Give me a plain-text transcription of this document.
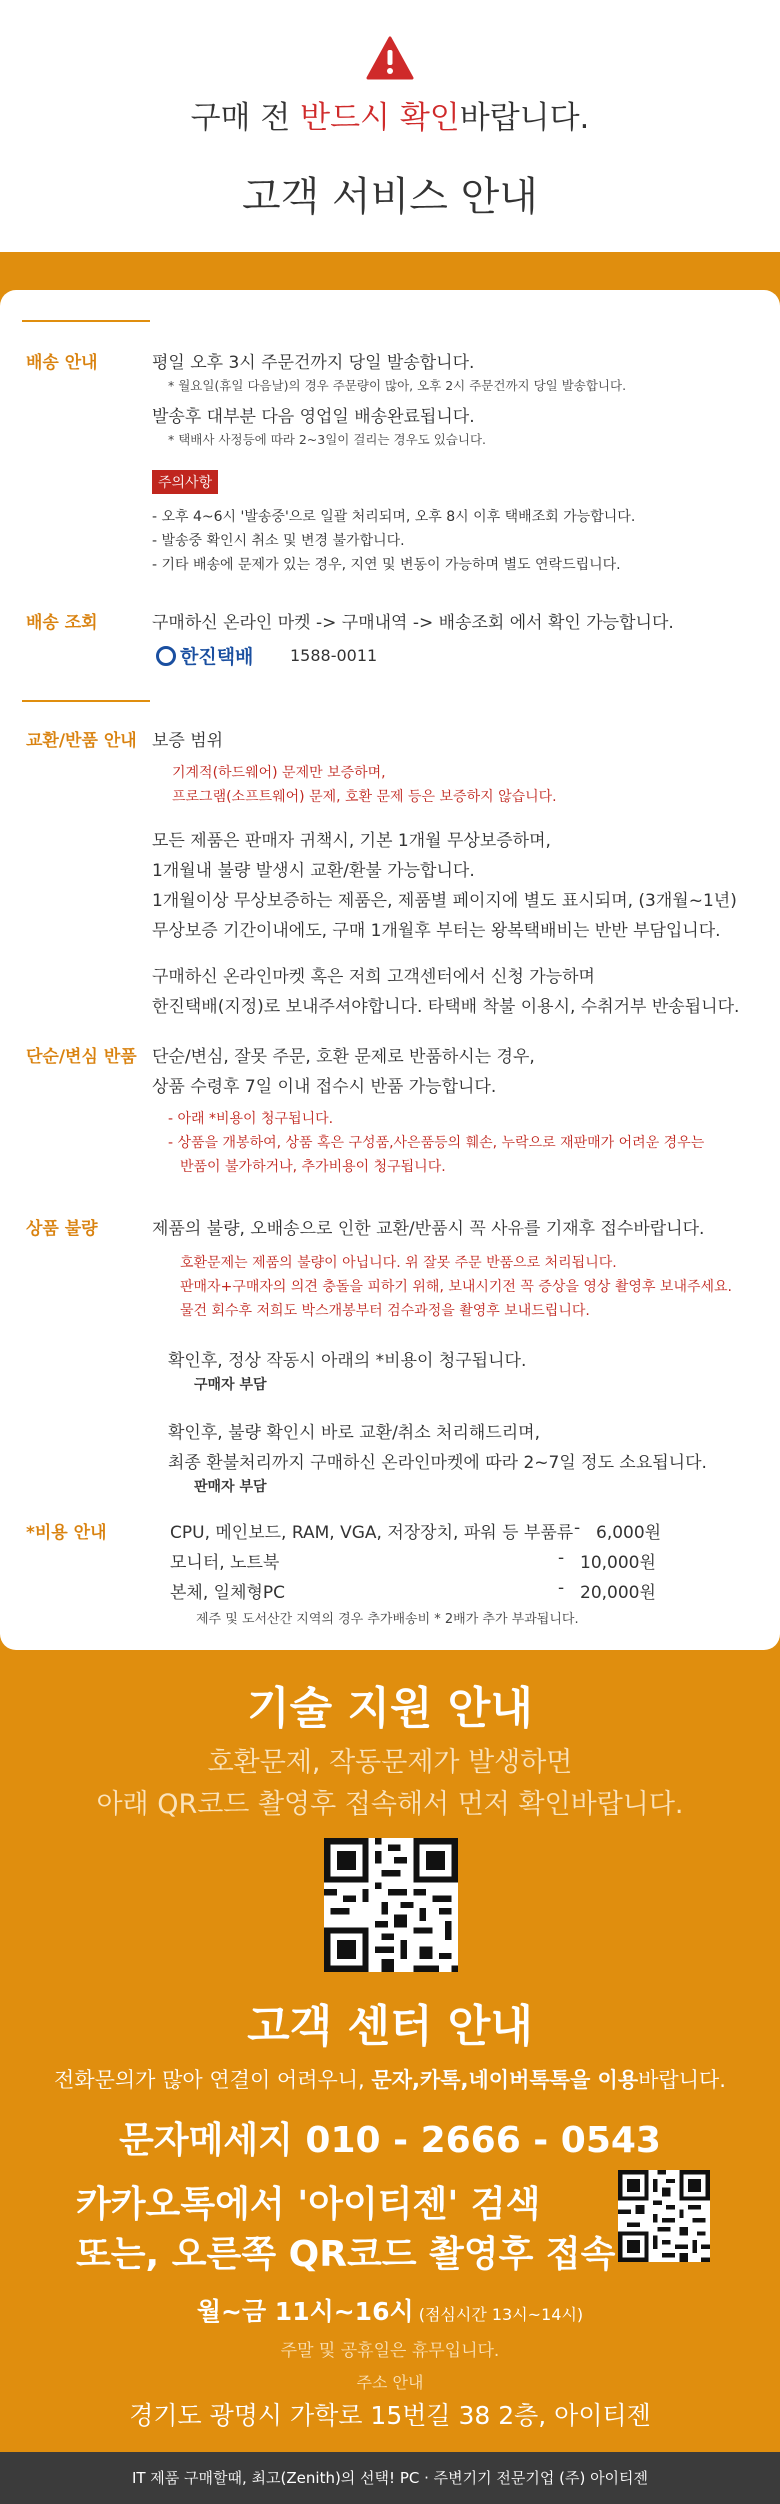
구매 전 반드시 확인바랍니다.
고객 서비스 안내
배송 안내	평일 오후 3시 주문건까지 당일 발송합니다.
* 월요일(휴일 다음날)의 경우 주문량이 많아, 오후 2시 주문건까지 당일 발송합니다.
발송후 대부분 다음 영업일 배송완료됩니다.
* 택배사 사정등에 따라 2~3일이 걸리는 경우도 있습니다.
주의사항
- 오후 4~6시 '발송중'으로 일괄 처리되며, 오후 8시 이후 택배조회 가능합니다.
- 발송중 확인시 취소 및 변경 불가합니다.
- 기타 배송에 문제가 있는 경우, 지연 및 변동이 가능하며 별도 연락드립니다.
배송 조회	구매하신 온라인 마켓 -> 구매내역 -> 배송조회 에서 확인 가능합니다.
한진택배 1588-0011
교환/반품 안내 보증 범위
기계적(하드웨어) 문제만 보증하며,
프로그램(소프트웨어) 문제, 호환 문제 등은 보증하지 않습니다.
모든 제품은 판매자 귀책시, 기본 1개월 무상보증하며,
1개월내 불량 발생시 교환/환불 가능합니다.
1개월이상 무상보증하는 제품은, 제품별 페이지에 별도 표시되며, (3개월~1년)
무상보증 기간이내에도, 구매 1개월후 부터는 왕복택배비는 반반 부담입니다.
구매하신 온라인마켓 혹은 저희 고객센터에서 신청 가능하며
한진택배(지정)로 보내주셔야합니다. 타택배 착불 이용시, 수취거부 반송됩니다.
단순/변심 반품 단순/변심, 잘못 주문, 호환 문제로 반품하시는 경우,
상품 수령후 7일 이내 접수시 반품 가능합니다.
- 아래 *비용이 청구됩니다.
- 상품을 개봉하여, 상품 혹은 구성품,사은품등의 훼손, 누락으로 재판매가 어려운 경우는
반품이 불가하거나, 추가비용이 청구됩니다.
상품 불량	제품의 불량, 오배송으로 인한 교환/반품시 꼭 사유를 기재후 접수바랍니다.
호환문제는 제품의 불량이 아닙니다. 위 잘못 주문 반품으로 처리됩니다.
판매자+구매자의 의견 충돌을 피하기 위해, 보내시기전 꼭 증상을 영상 촬영후 보내주세요.
물건 회수후 저희도 박스개봉부터 검수과정을 촬영후 보내드립니다.
확인후, 정상 작동시 아래의 *비용이 청구됩니다.
구매자 부담
확인후, 불량 확인시 바로 교환/취소 처리해드리며,
최종 환불처리까지 구매하신 온라인마켓에 따라 2~7일 정도 소요됩니다.
판매자 부담
*비용 안내	CPU, 메인보드, RAM, VGA, 저장장치, 파워 등 부품류 - 6,000원
모니터, 노트북	- 10,000원
본체, 일체형PC	- 20,000원
제주 및 도서산간 지역의 경우 추가배송비 * 2배가 추가 부과됩니다.
기술 지원 안내
호환문제, 작동문제가 발생하면
아래 QR코드 촬영후 접속해서 먼저 확인바랍니다.
고객 센터 안내
전화문의가 많아 연결이 어려우니, 문자,카톡,네이버톡톡을 이용바랍니다.
문자메세지 010 - 2666 - 0543
카카오톡에서 '아이티젠' 검색
또는, 오른쪽 QR코드 촬영후 접속
월~금 11시~16시 (점심시간 13시~14시)
주말 및 공휴일은 휴무입니다.
주소 안내
경기도 광명시 가학로 15번길 38 2층, 아이티젠
IT 제품 구매할때, 최고(Zenith)의 선택! PC · 주변기기 전문기업 (주) 아이티젠
